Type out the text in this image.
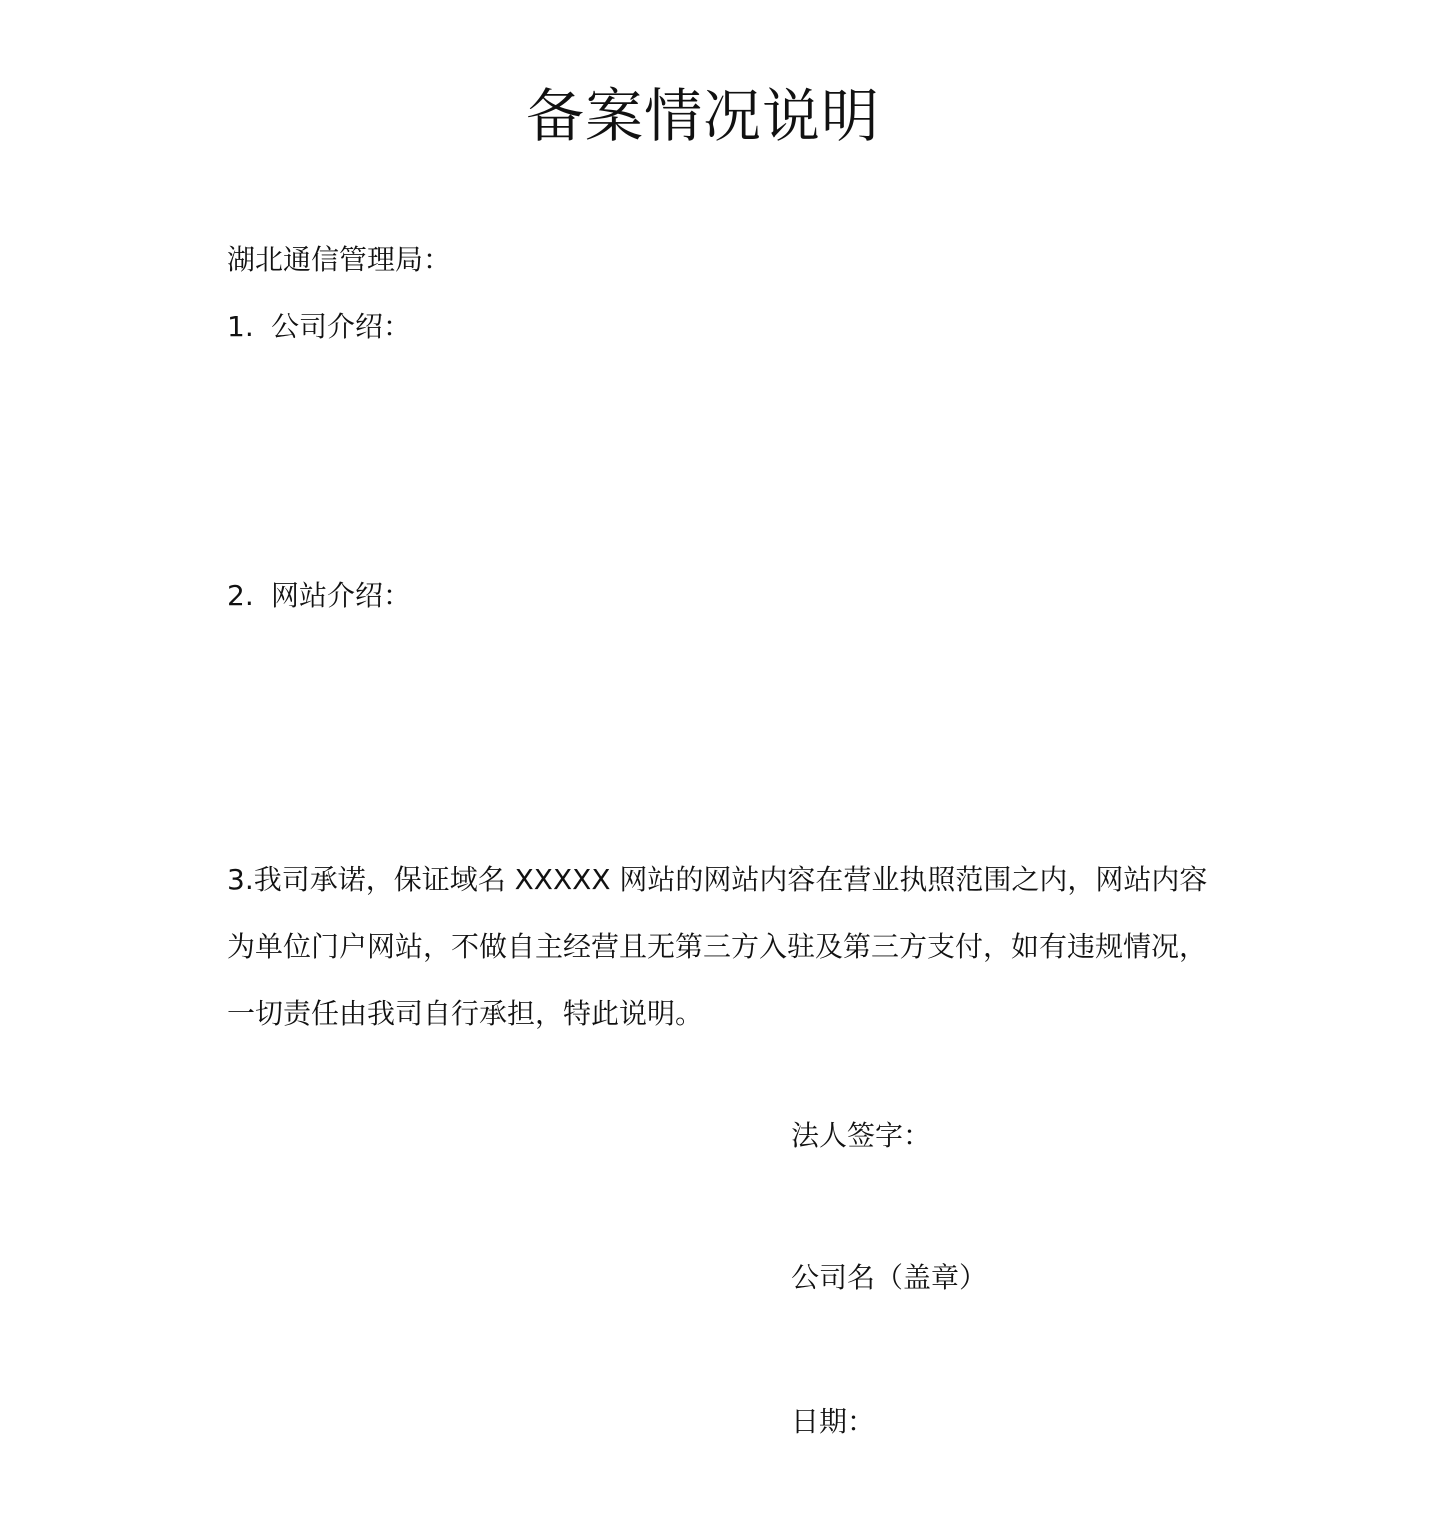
备案情况说明
湖北通信管理局：
1. 公司介绍：
2. 网站介绍：
3.我司承诺，保证域名 XXXXX 网站的网站内容在营业执照范围之内，网站内容
为单位门户网站，不做自主经营且无第三方入驻及第三方支付，如有违规情况，
一切责任由我司自行承担，特此说明。
法人签字：
公司名（盖章）
日期：
